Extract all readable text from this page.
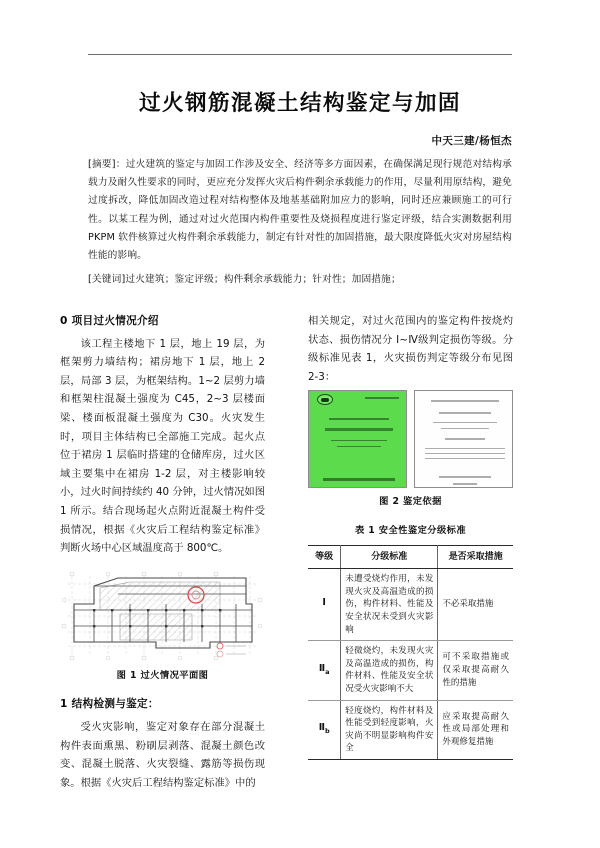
过火钢筋混凝土结构鉴定与加固
中天三建/杨恒杰
[摘要]：过火建筑的鉴定与加固工作涉及安全、经济等多方面因素，在确保满足现行规范对结构承载力及耐久性要求的同时，更应充分发挥火灾后构件剩余承载能力的作用，尽量利用原结构，避免过度拆改，降低加固改造过程对结构整体及地基基础附加应力的影响，同时还应兼顾施工的可行性。以某工程为例，通过对过火范围内构件重要性及烧损程度进行鉴定评级，结合实测数据利用 PKPM 软件核算过火构件剩余承载能力，制定有针对性的加固措施，最大限度降低火灾对房屋结构性能的影响。
[关键词]过火建筑；鉴定评级；构件剩余承载能力；针对性；加固措施；
0 项目过火情况介绍

该工程主楼地下 1 层，地上 19 层，为框架剪力墙结构；裙房地下 1 层，地上 2 层，局部 3 层，为框架结构。1~2 层剪力墙和框架柱混凝土强度为 C45，2~3 层楼面梁、楼面板混凝土强度为 C30。火灾发生时，项目主体结构已全部施工完成。起火点位于裙房 1 层临时搭建的仓储库房，过火区域主要集中在裙房 1-2 层，对主楼影响较小，过火时间持续约 40 分钟，过火情况如图 1 所示。结合现场起火点附近混凝土构件受损情况，根据《火灾后工程结构鉴定标准》判断火场中心区域温度高于 800℃。

图 1 过火情况平面图
1 结构检测与鉴定：

受火灾影响，鉴定对象存在部分混凝土构件表面熏黑、粉刷层剥落、混凝土颜色改变、混凝土脱落、火灾裂缝、露筋等损伤现象。根据《火灾后工程结构鉴定标准》中的

相关规定，对过火范围内的鉴定构件按烧灼状态、损伤情况分 Ⅰ~Ⅳ级判定损伤等级。分级标准见表 1，火灾损伤判定等级分布见图 2-3：

图 2 鉴定依据
表 1 安全性鉴定分级标准
等级	分级标准	是否采取措施
Ⅰ	未遭受烧灼作用，未发现火灾及高温造成的损伤，构件材料、性能及安全状况未受到火灾影响	不必采取措施
$Ⅱ_a$	轻微烧灼，未发现火灾及高温造成的损伤，构件材料、性能及安全状况受火灾影响不大	可不采取措施或仅采取提高耐久性的措施
$Ⅱ_b$	轻度烧灼，构件材料及性能受到轻度影响，火灾尚不明显影响构件安全	应采取提高耐久性或局部处理和外观修复措施
